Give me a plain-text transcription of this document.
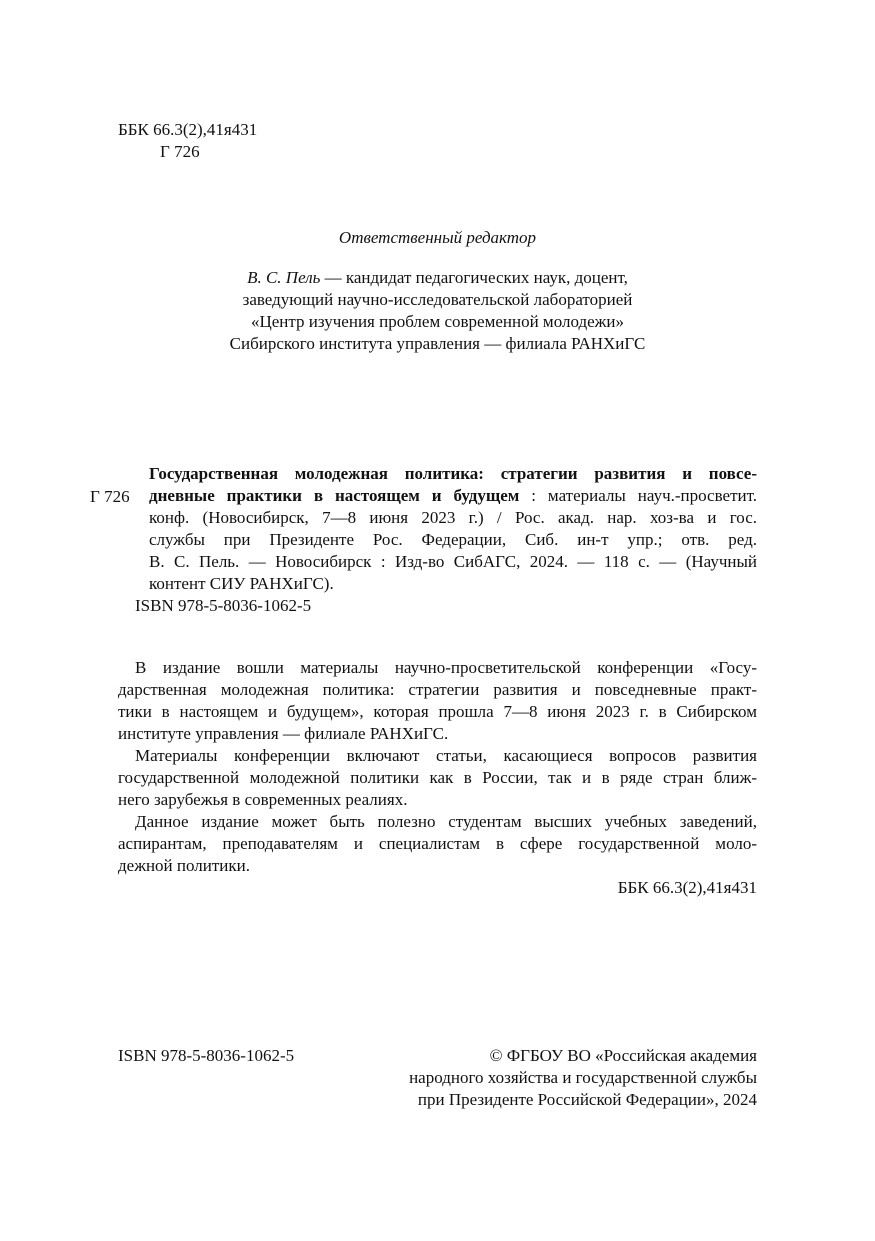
ББК 66.3(2),41я431
Г 726
Ответственный редактор
В. С. Пель — кандидат педагогических наук, доцент,
заведующий научно-исследовательской лабораторией
«Центр изучения проблем современной молодежи»
Сибирского института управления — филиала РАНХиГС
Г 726
Государственная молодежная политика: стратегии развития и повсе-
дневные практики в настоящем и будущем : материалы науч.-просветит.
конф. (Новосибирск, 7—8 июня 2023 г.) / Рос. акад. нар. хоз-ва и гос.
службы при Президенте Рос. Федерации, Сиб. ин-т упр.; отв. ред.
В. С. Пель. — Новосибирск : Изд-во СибАГС, 2024. — 118 с. — (Научный
контент СИУ РАНХиГС).
ISBN 978-5-8036-1062-5
В издание вошли материалы научно-просветительской конференции «Госу-
дарственная молодежная политика: стратегии развития и повседневные практ-
тики в настоящем и будущем», которая прошла 7—8 июня 2023 г. в Сибирском
институте управления — филиале РАНХиГС.
Материалы конференции включают статьи, касающиеся вопросов развития
государственной молодежной политики как в России, так и в ряде стран ближ-
него зарубежья в современных реалиях.
Данное издание может быть полезно студентам высших учебных заведений,
аспирантам, преподавателям и специалистам в сфере государственной моло-
дежной политики.
ББК 66.3(2),41я431
ISBN 978-5-8036-1062-5	© ФГБОУ ВО «Российская академия
народного хозяйства и государственной службы
при Президенте Российской Федерации», 2024
